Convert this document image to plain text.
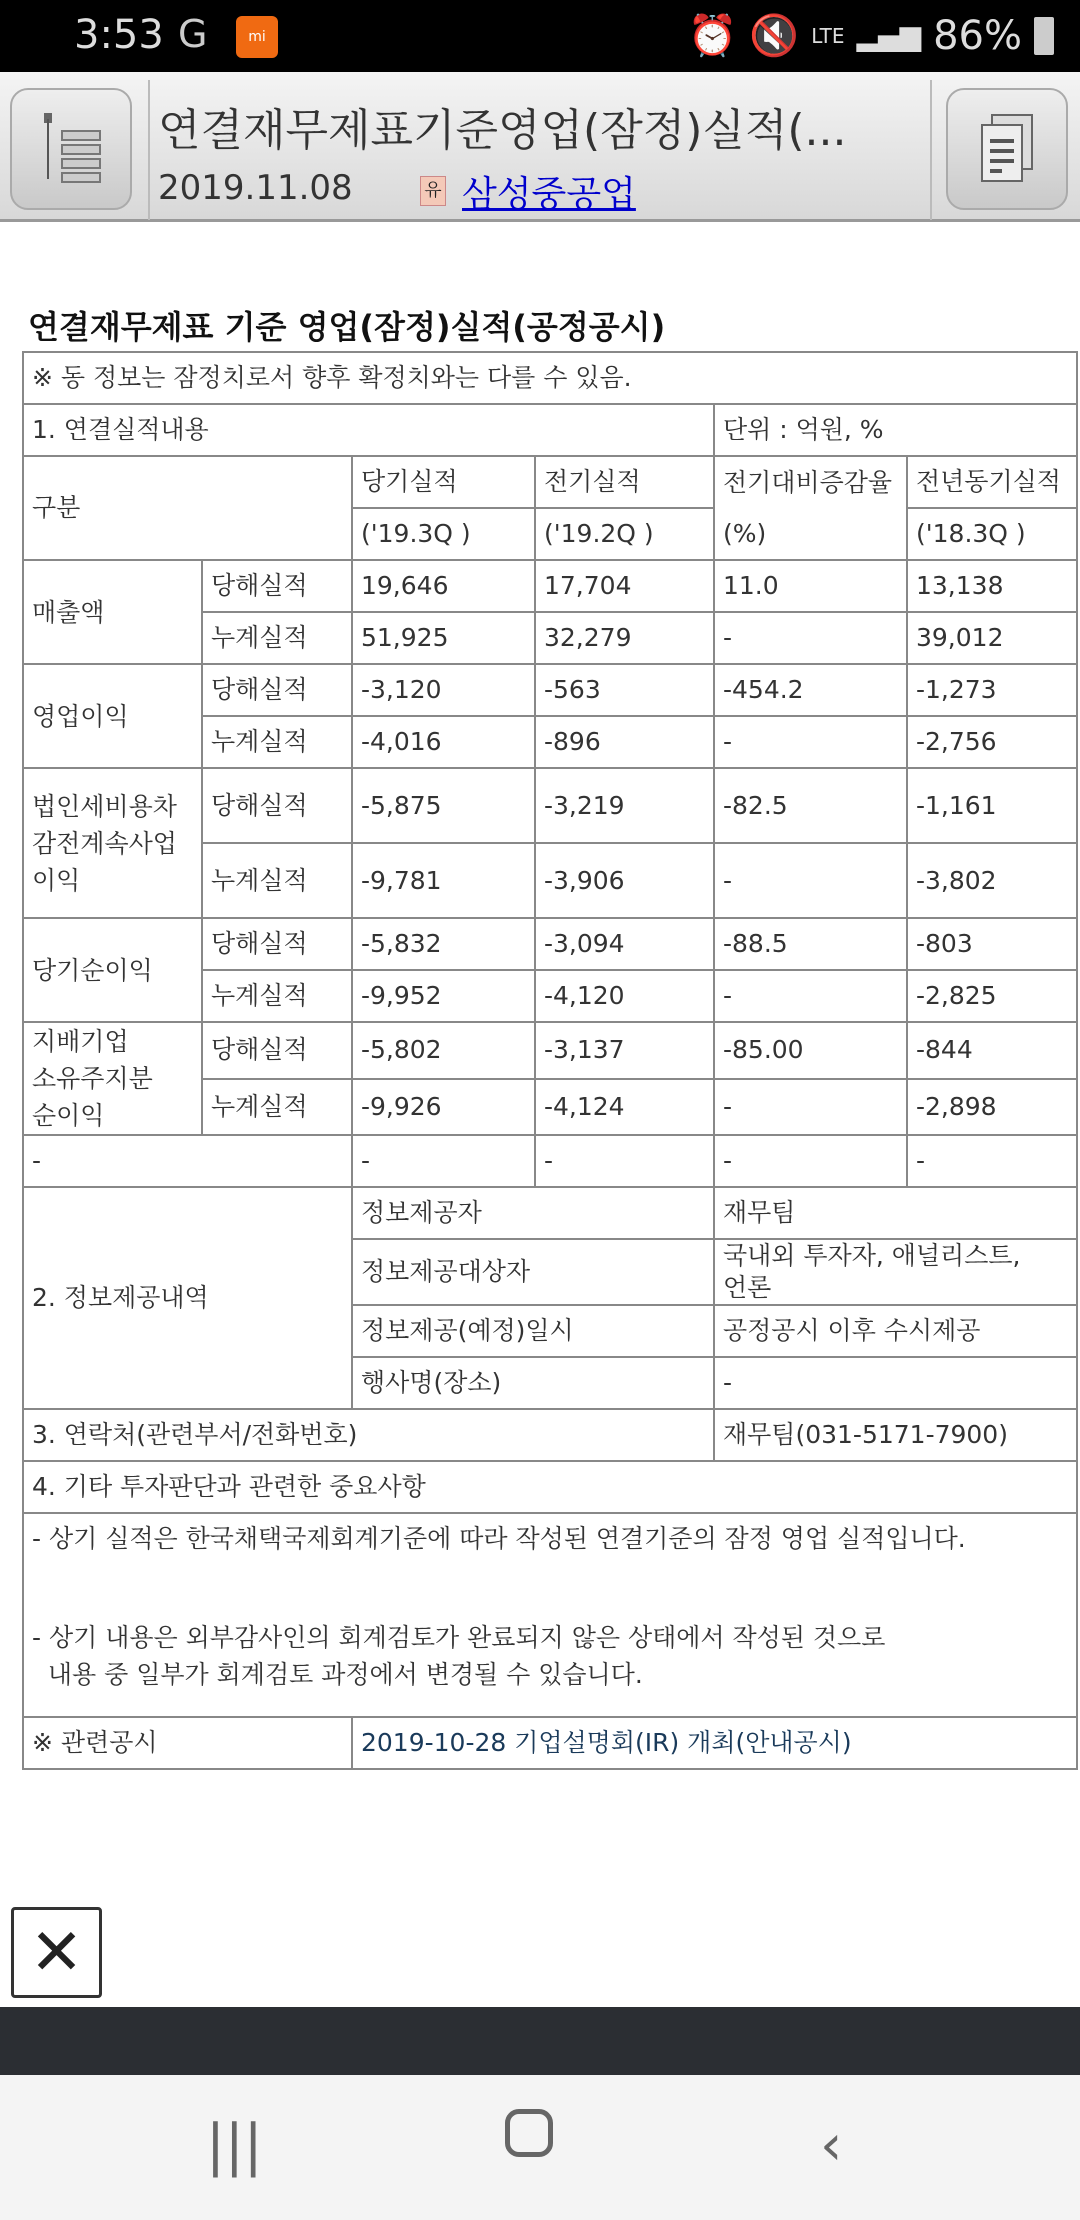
3:53 G	mi	⏰ 🔇 LTE ▂▄▆ 86%
연결재무제표기준영업(잠정)실적(...
2019.11.08	유 삼성중공업
연결재무제표 기준 영업(잠정)실적(공정공시)
※ 동 정보는 잠정치로서 향후 확정치와는 다를 수 있음.					
1. 연결실적내용				단위 : 억원, %	
구분		당기실적	전기실적	전기대비증감율	전년동기실적
		('19.3Q )	('19.2Q )	(%)	('18.3Q )
매출액	당해실적	19,646	17,704	11.0	13,138
	누계실적	51,925	32,279	-	39,012
영업이익	당해실적	-3,120	-563	-454.2	-1,273
	누계실적	-4,016	-896	-	-2,756
법인세비용차감전계속사업이익	당해실적	-5,875	-3,219	-82.5	-1,161
	누계실적	-9,781	-3,906	-	-3,802
당기순이익	당해실적	-5,832	-3,094	-88.5	-803
	누계실적	-9,952	-4,120	-	-2,825
지배기업 소유주지분 순이익	당해실적	-5,802	-3,137	-85.00	-844
	누계실적	-9,926	-4,124	-	-2,898
-		-	-	-	-
2. 정보제공내역		정보제공자		재무팀	
		정보제공대상자		국내외 투자자, 애널리스트, 언론	
		정보제공(예정)일시		공정공시 이후 수시제공	
		행사명(장소)		-	
3. 연락처(관련부서/전화번호)				재무팀(031-5171-7900)	
4. 기타 투자판단과 관련한 중요사항					

- 상기 실적은 한국채택국제회계기준에 따라 작성된 연결기준의 잠정 영업 실적입니다.
- 상기 내용은 외부감사인의 회계검토가 완료되지 않은 상태에서 작성된 것으로
내용 중 일부가 회계검토 과정에서 변경될 수 있습니다.					

※ 관련공시		2019-10-28 기업설명회(IR) 개최(안내공시)			
✕
|||	‹
